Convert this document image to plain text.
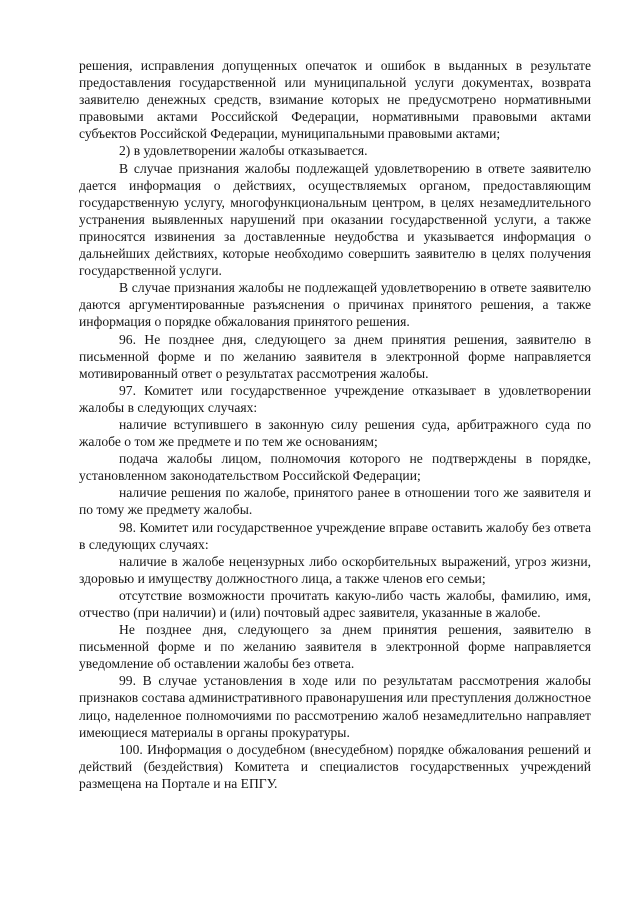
решения, исправления допущенных опечаток и ошибок в выданных в результате предоставления государственной или муниципальной услуги документах, возврата заявителю денежных средств, взимание которых не предусмотрено нормативными правовыми актами Российской Федерации, нормативными правовыми актами субъектов Российской Федерации, муниципальными правовыми актами;

2) в удовлетворении жалобы отказывается.

В случае признания жалобы подлежащей удовлетворению в ответе заявителю дается информация о действиях, осуществляемых органом, предоставляющим государственную услугу, многофункциональным центром, в целях незамедлительного устранения выявленных нарушений при оказании государственной услуги, а также приносятся извинения за доставленные неудобства и указывается информация о дальнейших действиях, которые необходимо совершить заявителю в целях получения государственной услуги.

В случае признания жалобы не подлежащей удовлетворению в ответе заявителю даются аргументированные разъяснения о причинах принятого решения, а также информация о порядке обжалования принятого решения.

96. Не позднее дня, следующего за днем принятия решения, заявителю в письменной форме и по желанию заявителя в электронной форме направляется мотивированный ответ о результатах рассмотрения жалобы.

97. Комитет или государственное учреждение отказывает в удовлетворении жалобы в следующих случаях:

наличие вступившего в законную силу решения суда, арбитражного суда по жалобе о том же предмете и по тем же основаниям;

подача жалобы лицом, полномочия которого не подтверждены в порядке, установленном законодательством Российской Федерации;

наличие решения по жалобе, принятого ранее в отношении того же заявителя и по тому же предмету жалобы.

98. Комитет или государственное учреждение вправе оставить жалобу без ответа в следующих случаях:

наличие в жалобе нецензурных либо оскорбительных выражений, угроз жизни, здоровью и имуществу должностного лица, а также членов его семьи;

отсутствие возможности прочитать какую-либо часть жалобы, фамилию, имя, отчество (при наличии) и (или) почтовый адрес заявителя, указанные в жалобе.

Не позднее дня, следующего за днем принятия решения, заявителю в письменной форме и по желанию заявителя в электронной форме направляется уведомление об оставлении жалобы без ответа.

99. В случае установления в ходе или по результатам рассмотрения жалобы признаков состава административного правонарушения или преступления должностное лицо, наделенное полномочиями по рассмотрению жалоб незамедлительно направляет имеющиеся материалы в органы прокуратуры.

100. Информация о досудебном (внесудебном) порядке обжалования решений и действий (бездействия) Комитета и специалистов государственных учреждений размещена на Портале и на ЕПГУ.
